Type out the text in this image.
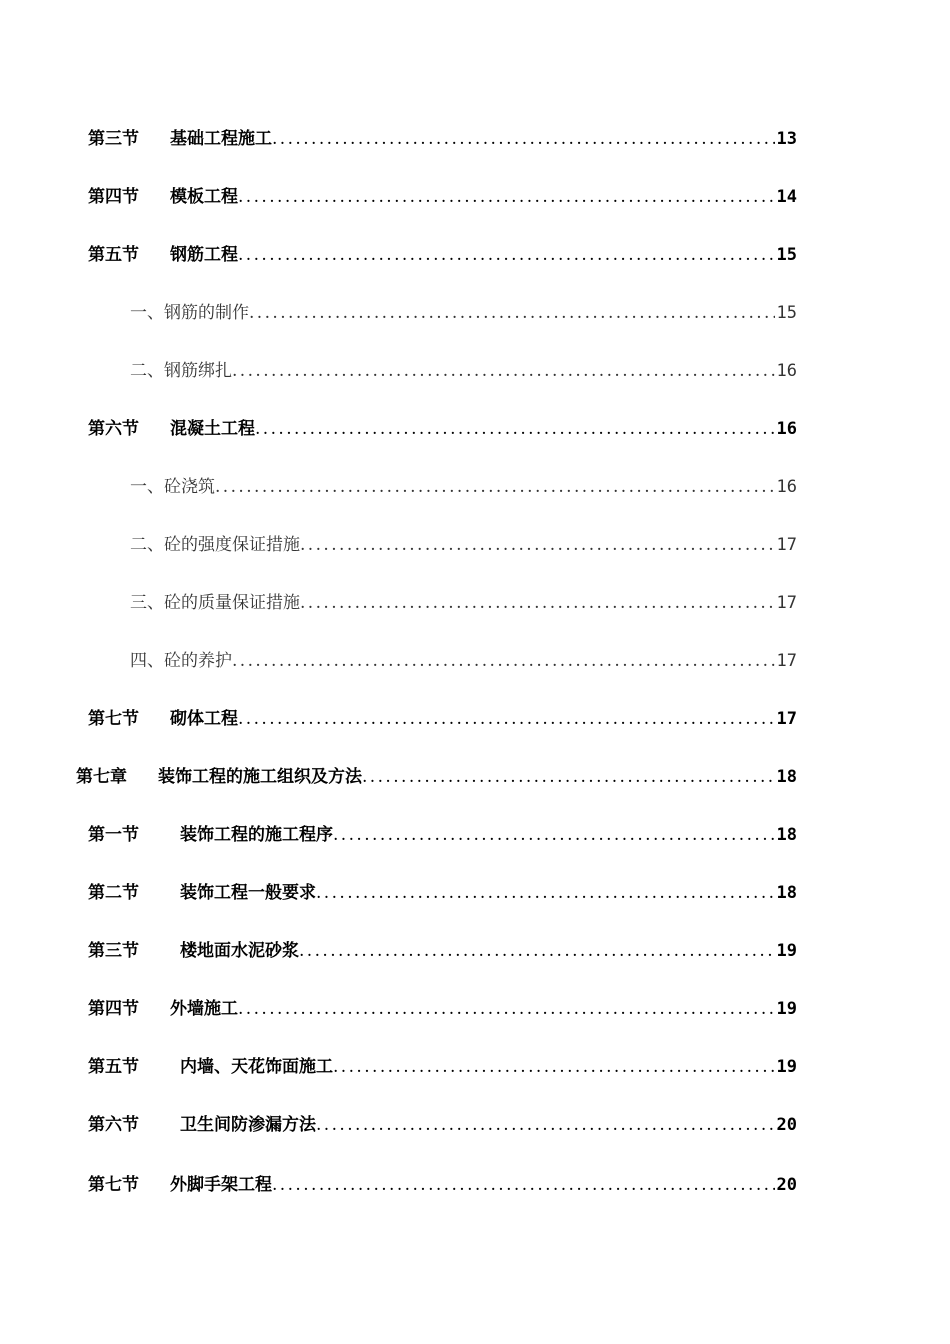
第三节	基础工程施工 .....	13
第四节	模板工程 .....	14
第五节	钢筋工程 .....	15
一、钢筋的制作 .....	15
二、钢筋绑扎 .....	16
第六节	混凝土工程 .....	16
一、砼浇筑 .....	16
二、砼的强度保证措施 .....	17
三、砼的质量保证措施 .....	17
四、砼的养护 .....	17
第七节	砌体工程 .....	17
第七章	装饰工程的施工组织及方法 .....	18
第一节	装饰工程的施工程序 .....	18
第二节	装饰工程一般要求 .....	18
第三节	楼地面水泥砂浆 .....	19
第四节	外墙施工 .....	19
第五节	内墙、天花饰面施工 .....	19
第六节	卫生间防渗漏方法 .....	20
第七节	外脚手架工程 .....	20
